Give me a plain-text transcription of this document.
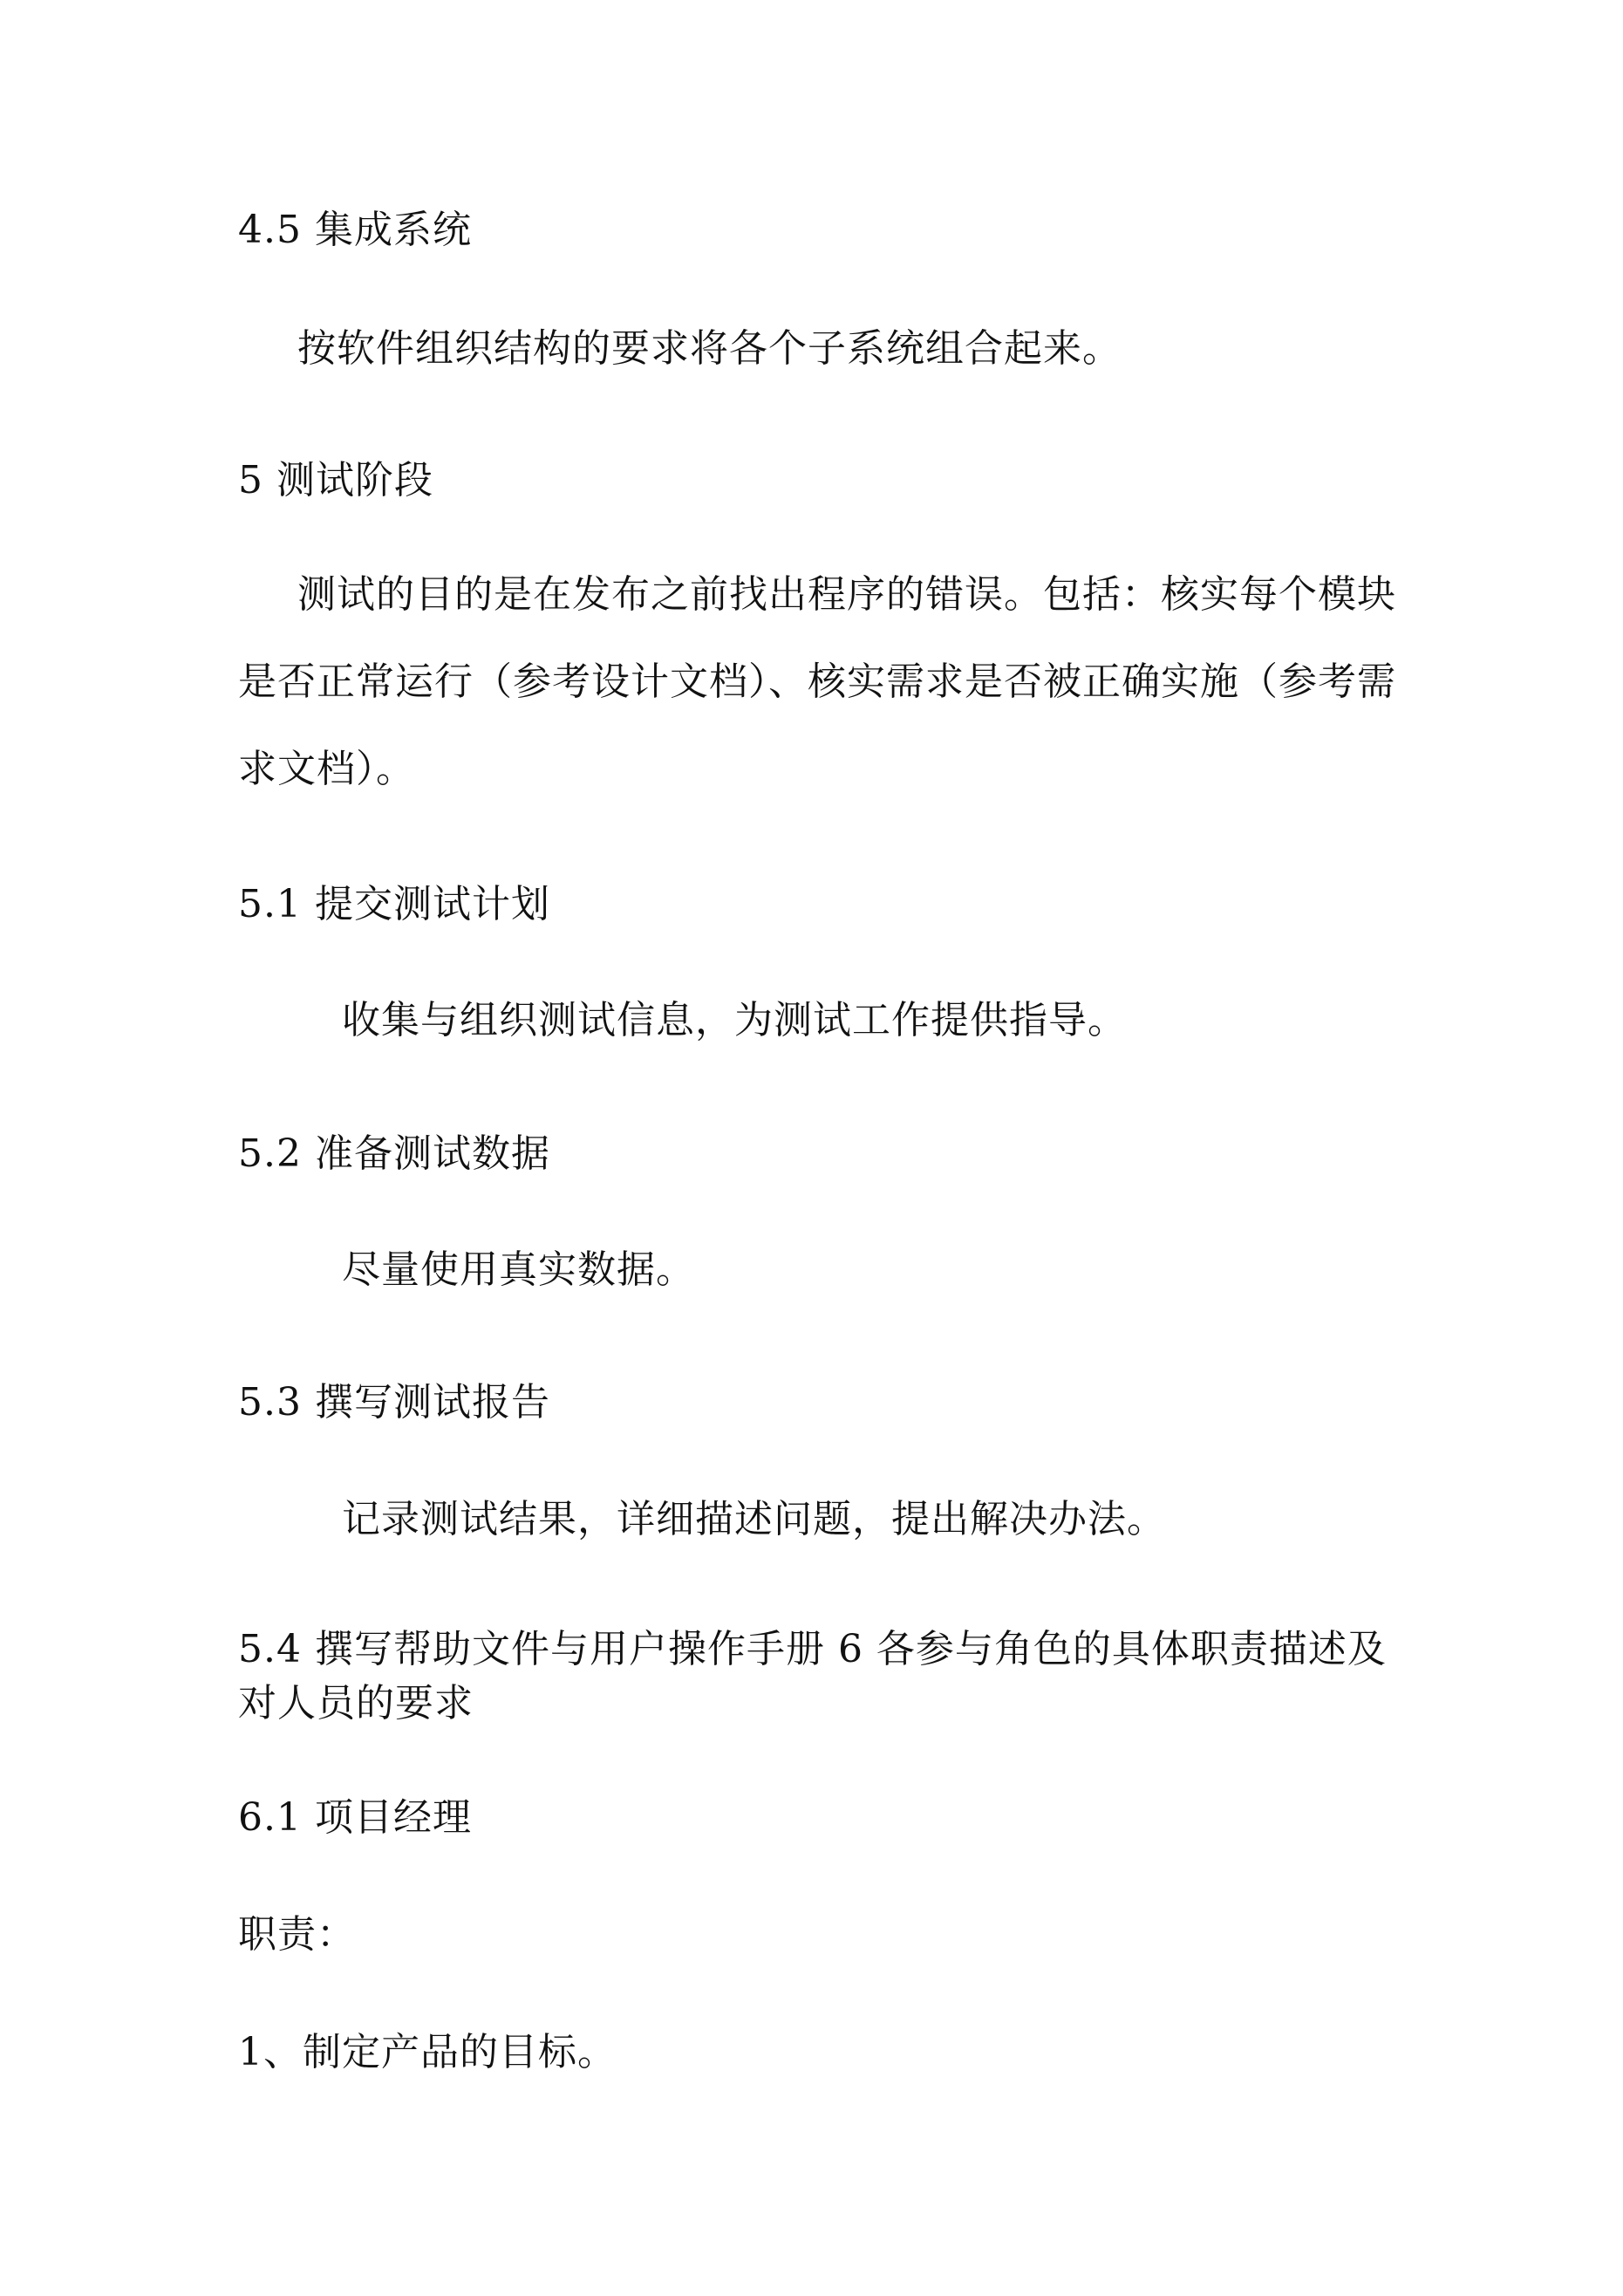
4.5 集成系统
按软件组织结构的要求将各个子系统组合起来。
5 测试阶段
测试的目的是在发布之前找出程序的错误。包括：核实每个模块是否正常运行（参考设计文档）、核实需求是否被正确实施（参考需求文档）。
5.1 提交测试计划
收集与组织测试信息，为测试工作提供指导。
5.2 准备测试数据
尽量使用真实数据。
5.3 撰写测试报告
记录测试结果，详细描述问题，提出解决办法。
5.4 撰写帮助文件与用户操作手册 6 各参与角色的具体职责描述及对人员的要求
6.1 项目经理
职责：
1、制定产品的目标。
